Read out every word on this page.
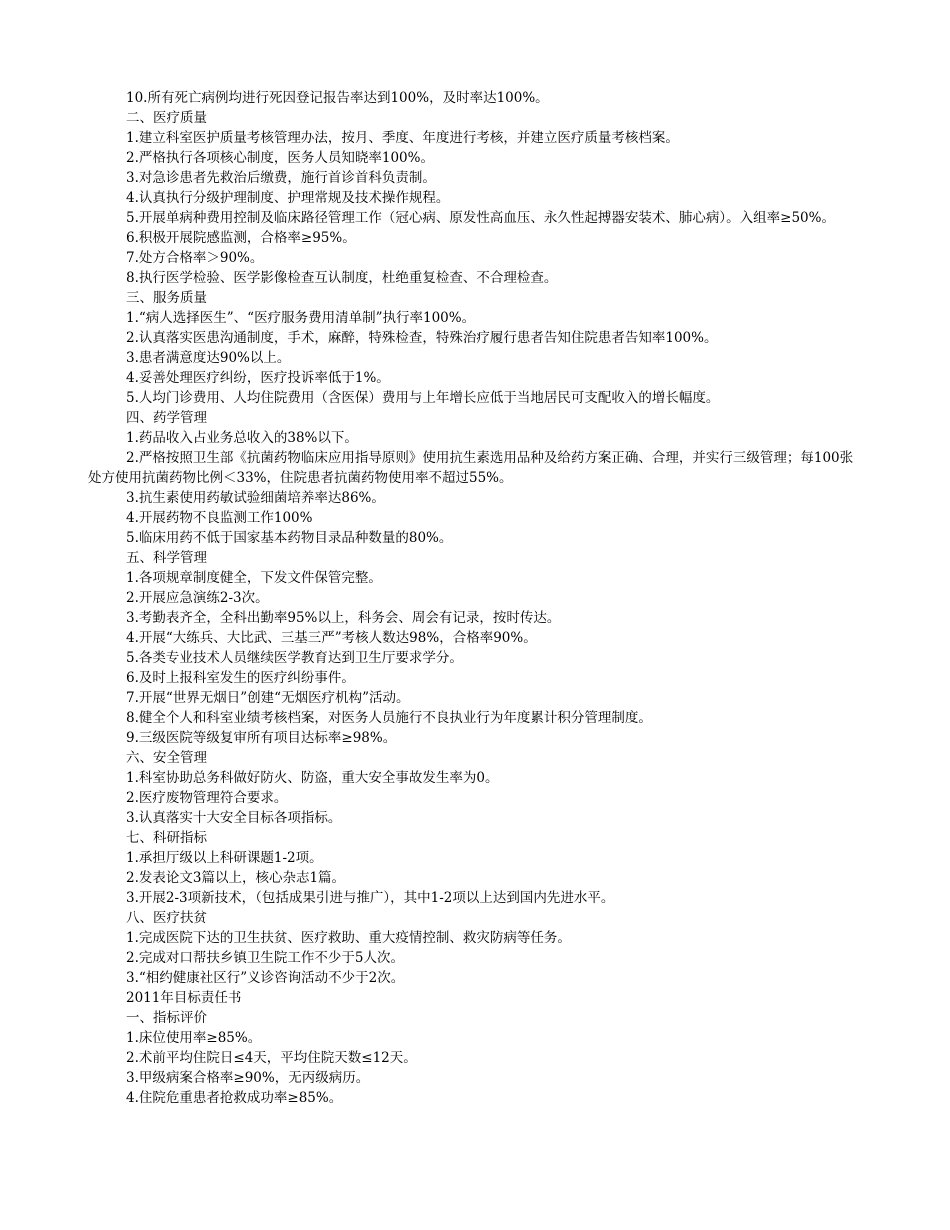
10.所有死亡病例均进行死因登记报告率达到100%，及时率达100%。

二、医疗质量

1.建立科室医护质量考核管理办法，按月、季度、年度进行考核，并建立医疗质量考核档案。

2.严格执行各项核心制度，医务人员知晓率100%。

3.对急诊患者先救治后缴费，施行首诊首科负责制。

4.认真执行分级护理制度、护理常规及技术操作规程。

5.开展单病种费用控制及临床路径管理工作（冠心病、原发性高血压、永久性起搏器安装术、肺心病）。入组率≥50%。

6.积极开展院感监测，合格率≥95%。

7.处方合格率＞90%。

8.执行医学检验、医学影像检查互认制度，杜绝重复检查、不合理检查。

三、服务质量

1.“病人选择医生”、“医疗服务费用清单制”执行率100%。

2.认真落实医患沟通制度，手术，麻醉，特殊检查，特殊治疗履行患者告知住院患者告知率100%。

3.患者满意度达90%以上。

4.妥善处理医疗纠纷，医疗投诉率低于1%。

5.人均门诊费用、人均住院费用（含医保）费用与上年增长应低于当地居民可支配收入的增长幅度。

四、药学管理

1.药品收入占业务总收入的38%以下。

2.严格按照卫生部《抗菌药物临床应用指导原则》使用抗生素选用品种及给药方案正确、合理，并实行三级管理；每100张处方使用抗菌药物比例＜33%，住院患者抗菌药物使用率不超过55%。

3.抗生素使用药敏试验细菌培养率达86%。

4.开展药物不良监测工作100%

5.临床用药不低于国家基本药物目录品种数量的80%。

五、科学管理

1.各项规章制度健全，下发文件保管完整。

2.开展应急演练2-3次。

3.考勤表齐全，全科出勤率95%以上，科务会、周会有记录，按时传达。

4.开展“大练兵、大比武、三基三严”考核人数达98%，合格率90%。

5.各类专业技术人员继续医学教育达到卫生厅要求学分。

6.及时上报科室发生的医疗纠纷事件。

7.开展“世界无烟日”创建“无烟医疗机构”活动。

8.健全个人和科室业绩考核档案，对医务人员施行不良执业行为年度累计积分管理制度。

9.三级医院等级复审所有项目达标率≥98%。

六、安全管理

1.科室协助总务科做好防火、防盗，重大安全事故发生率为0。

2.医疗废物管理符合要求。

3.认真落实十大安全目标各项指标。

七、科研指标

1.承担厅级以上科研课题1-2项。

2.发表论文3篇以上，核心杂志1篇。

3.开展2-3项新技术，（包括成果引进与推广），其中1-2项以上达到国内先进水平。

八、医疗扶贫

1.完成医院下达的卫生扶贫、医疗救助、重大疫情控制、救灾防病等任务。

2.完成对口帮扶乡镇卫生院工作不少于5人次。

3.“相约健康社区行”义诊咨询活动不少于2次。

2011年目标责任书

一、指标评价

1.床位使用率≥85%。

2.术前平均住院日≤4天，平均住院天数≤12天。

3.甲级病案合格率≥90%，无丙级病历。

4.住院危重患者抢救成功率≥85%。
